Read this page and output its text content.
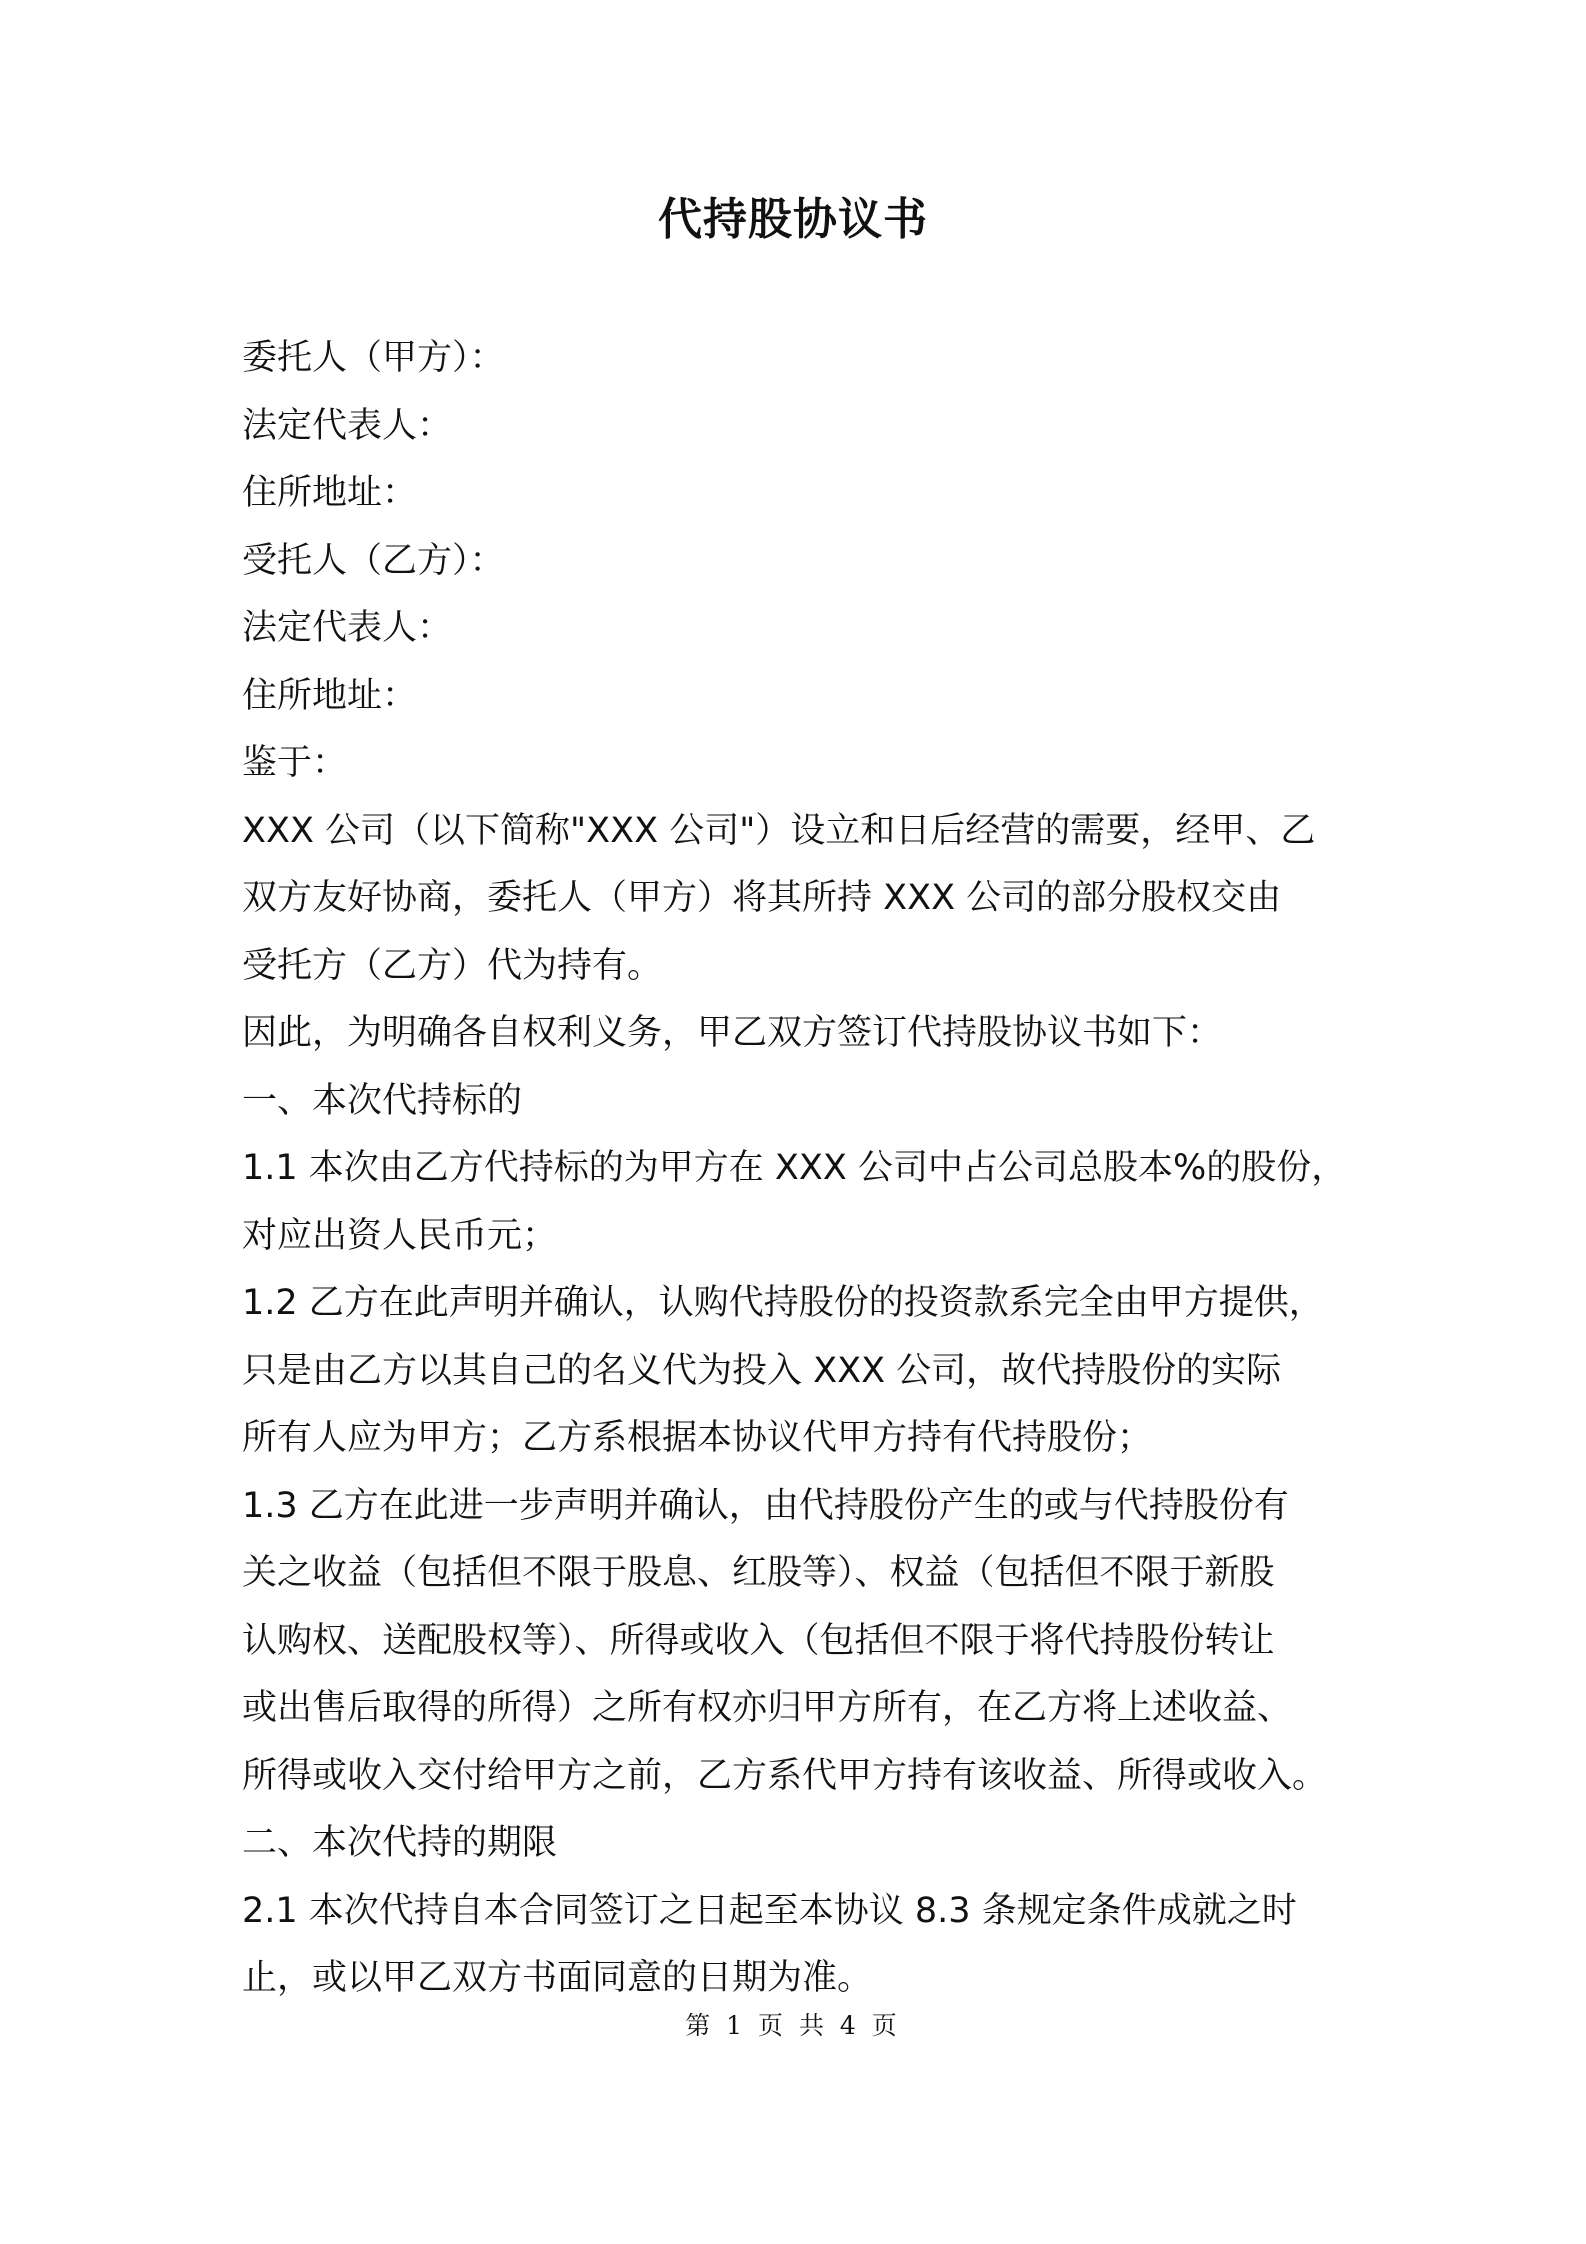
代持股协议书
委托人（甲方）：
法定代表人：
住所地址：
受托人（乙方）：
法定代表人：
住所地址：
鉴于：
XXX 公司（以下简称"XXX 公司"）设立和日后经营的需要，经甲、乙
双方友好协商，委托人（甲方）将其所持 XXX 公司的部分股权交由
受托方（乙方）代为持有。
因此，为明确各自权利义务，甲乙双方签订代持股协议书如下：
一、本次代持标的
1.1 本次由乙方代持标的为甲方在 XXX 公司中占公司总股本%的股份，
对应出资人民币元；
1.2 乙方在此声明并确认，认购代持股份的投资款系完全由甲方提供，
只是由乙方以其自己的名义代为投入 XXX 公司，故代持股份的实际
所有人应为甲方；乙方系根据本协议代甲方持有代持股份；
1.3 乙方在此进一步声明并确认，由代持股份产生的或与代持股份有
关之收益（包括但不限于股息、红股等）、权益（包括但不限于新股
认购权、送配股权等）、所得或收入（包括但不限于将代持股份转让
或出售后取得的所得）之所有权亦归甲方所有，在乙方将上述收益、
所得或收入交付给甲方之前，乙方系代甲方持有该收益、所得或收入。
二、本次代持的期限
2.1 本次代持自本合同签订之日起至本协议 8.3 条规定条件成就之时
止，或以甲乙双方书面同意的日期为准。
第 1 页 共 4 页
